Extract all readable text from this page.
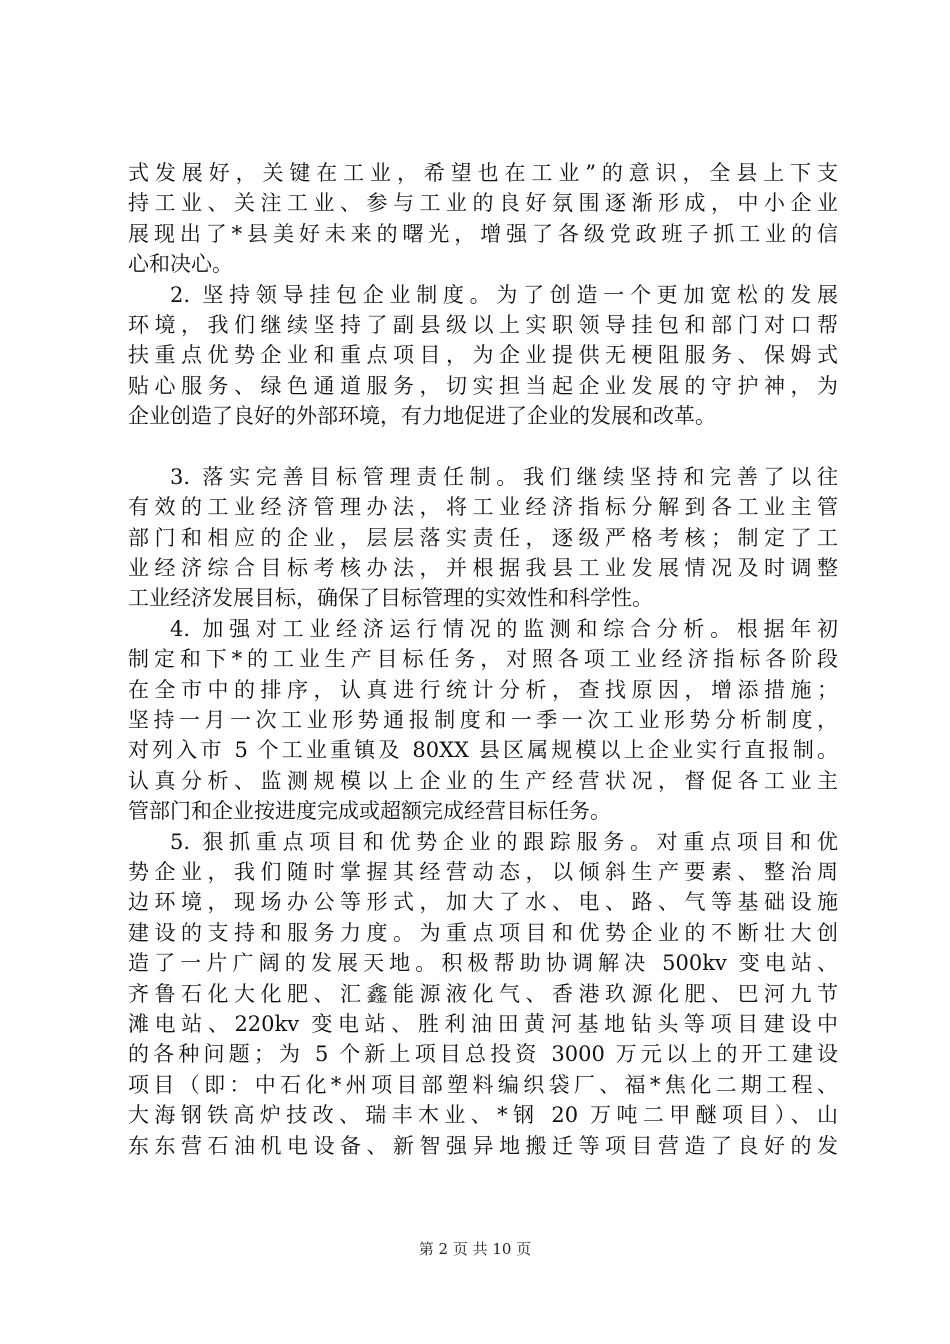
式发展好，关键在工业，希望也在工业”的意识，全县上下支
持工业、关注工业、参与工业的良好氛围逐渐形成，中小企业
展现出了*县美好未来的曙光，增强了各级党政班子抓工业的信
心和决心。
2. 坚持领导挂包企业制度。为了创造一个更加宽松的发展
环境，我们继续坚持了副县级以上实职领导挂包和部门对口帮
扶重点优势企业和重点项目，为企业提供无梗阻服务、保姆式
贴心服务、绿色通道服务，切实担当起企业发展的守护神，为
企业创造了良好的外部环境，有力地促进了企业的发展和改革。
3. 落实完善目标管理责任制。我们继续坚持和完善了以往
有效的工业经济管理办法，将工业经济指标分解到各工业主管
部门和相应的企业，层层落实责任，逐级严格考核；制定了工
业经济综合目标考核办法，并根据我县工业发展情况及时调整
工业经济发展目标，确保了目标管理的实效性和科学性。
4. 加强对工业经济运行情况的监测和综合分析。根据年初
制定和下*的工业生产目标任务，对照各项工业经济指标各阶段
在全市中的排序，认真进行统计分析，查找原因，增添措施；
坚持一月一次工业形势通报制度和一季一次工业形势分析制度，
对列入市 5 个工业重镇及 80XX 县区属规模以上企业实行直报制。
认真分析、监测规模以上企业的生产经营状况，督促各工业主
管部门和企业按进度完成或超额完成经营目标任务。
5. 狠抓重点项目和优势企业的跟踪服务。对重点项目和优
势企业，我们随时掌握其经营动态，以倾斜生产要素、整治周
边环境，现场办公等形式，加大了水、电、路、气等基础设施
建设的支持和服务力度。为重点项目和优势企业的不断壮大创
造了一片广阔的发展天地。积极帮助协调解决 500kv 变电站、
齐鲁石化大化肥、汇鑫能源液化气、香港玖源化肥、巴河九节
滩电站、220kv 变电站、胜利油田黄河基地钻头等项目建设中
的各种问题；为 5 个新上项目总投资 3000 万元以上的开工建设
项目（即：中石化*州项目部塑料编织袋厂、福*焦化二期工程、
大海钢铁高炉技改、瑞丰木业、*钢 20 万吨二甲醚项目）、山
东东营石油机电设备、新智强异地搬迁等项目营造了良好的发
第 2 页 共 10 页
